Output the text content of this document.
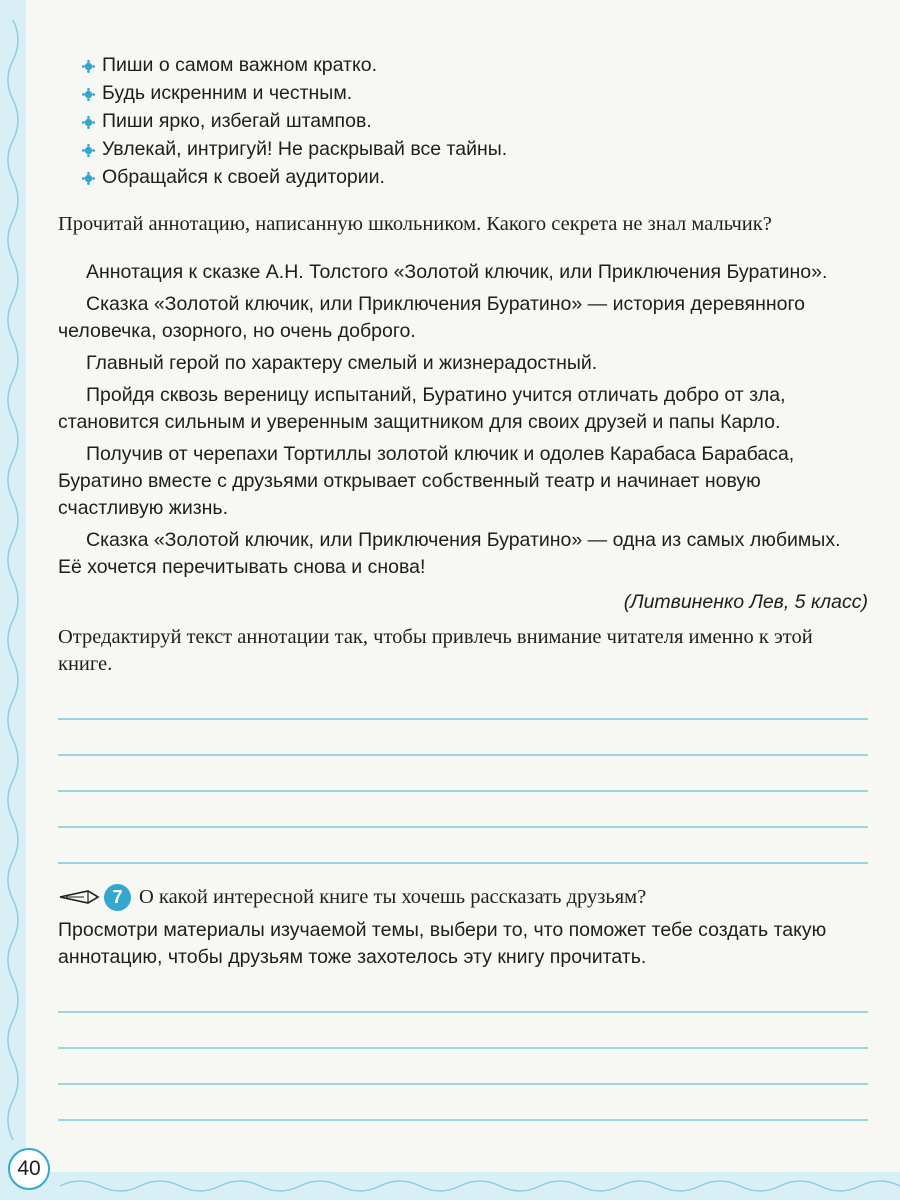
Пиши о самом важном кратко.
Будь искренним и честным.
Пиши ярко, избегай штампов.
Увлекай, интригуй! Не раскрывай все тайны.
Обращайся к своей аудитории.

Прочитай аннотацию, написанную школьником. Какого секрета не знал мальчик?

Аннотация к сказке А.Н. Толстого «Золотой ключик, или Приключения Буратино».

Сказка «Золотой ключик, или Приключения Буратино» — история деревянного человечка, озорного, но очень доброго.

Главный герой по характеру смелый и жизнерадостный.

Пройдя сквозь вереницу испытаний, Буратино учится отличать добро от зла, становится сильным и уверенным защитником для своих друзей и папы Карло.

Получив от черепахи Тортиллы золотой ключик и одолев Карабаса Барабаса, Буратино вместе с друзьями открывает собственный театр и начинает новую счастливую жизнь.

Сказка «Золотой ключик, или Приключения Буратино» — одна из самых любимых. Её хочется перечитывать снова и снова!

(Литвиненко Лев, 5 класс)

Отредактируй текст аннотации так, чтобы привлечь внимание читателя именно к этой книге.

7 О какой интересной книге ты хочешь рассказать друзьям?

Просмотри материалы изучаемой темы, выбери то, что поможет тебе создать такую аннотацию, чтобы друзьям тоже захотелось эту книгу прочитать.

40
